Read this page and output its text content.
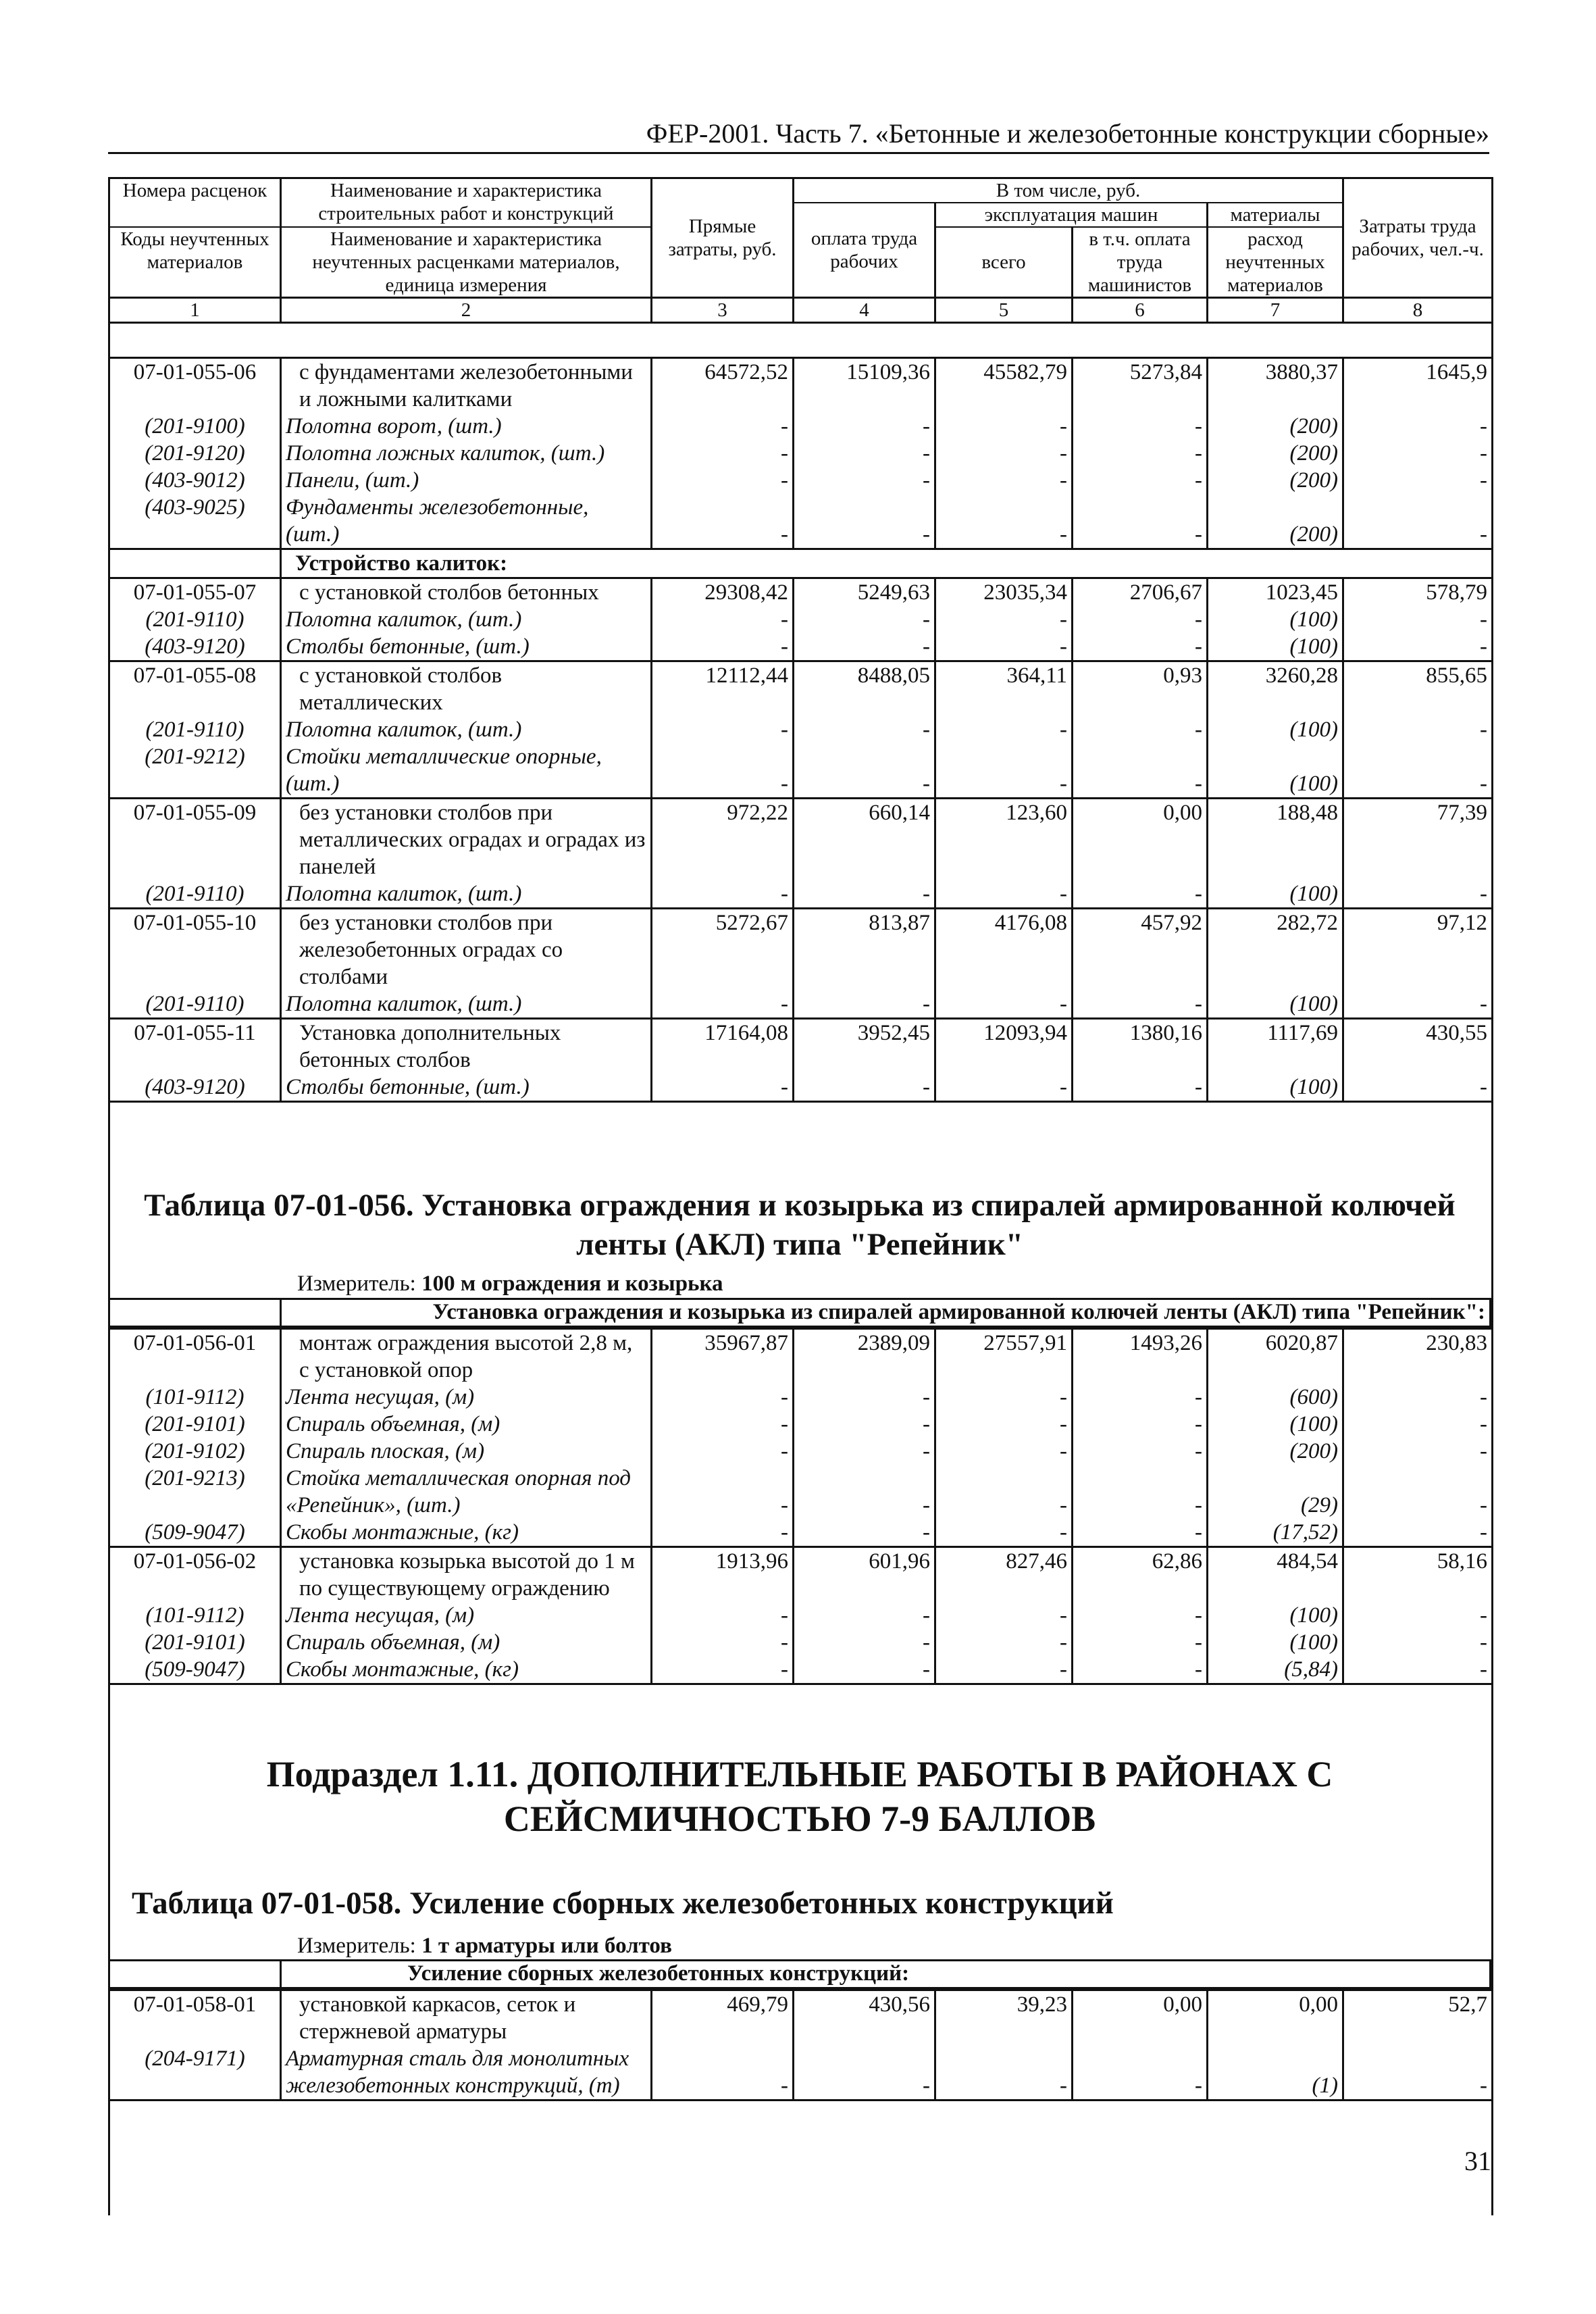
ФЕР-2001. Часть 7. «Бетонные и железобетонные конструкции сборные»
Номера расценок	Наименование и характеристика строительных работ и конструкций	Прямые затраты, руб.	В том числе, руб.				Затраты труда рабочих, чел.-ч.
			оплата труда рабочих	эксплуатация машин		материалы	
Коды неучтенных материалов	Наименование и характеристика неучтенных расценками материалов, единица измерения			всего	в т.ч. оплата труда машинистов	расход неучтенных материалов	

1	2	3	4	5	6	7	8
07-01-055-06	с фундаментами железобетонными и ложными калитками	64572,52	15109,36	45582,79	5273,84	3880,37	1645,9
(201-9100)	Полотна ворот, (шт.)	-	-	-	-	(200)	-
(201-9120)	Полотна ложных калиток, (шт.)	-	-	-	-	(200)	-
(403-9012)	Панели, (шт.)	-	-	-	-	(200)	-
(403-9025)	Фундаменты железобетонные, (шт.)	-	-	-	-	(200)	-
	Устройство калиток:						
07-01-055-07	с установкой столбов бетонных	29308,42	5249,63	23035,34	2706,67	1023,45	578,79
(201-9110)	Полотна калиток, (шт.)	-	-	-	-	(100)	-
(403-9120)	Столбы бетонные, (шт.)	-	-	-	-	(100)	-
07-01-055-08	с установкой столбов металлических	12112,44	8488,05	364,11	0,93	3260,28	855,65
(201-9110)	Полотна калиток, (шт.)	-	-	-	-	(100)	-
(201-9212)	Стойки металлические опорные, (шт.)	-	-	-	-	(100)	-
07-01-055-09	без установки столбов при металлических оградах и оградах из панелей	972,22	660,14	123,60	0,00	188,48	77,39
(201-9110)	Полотна калиток, (шт.)	-	-	-	-	(100)	-
07-01-055-10	без установки столбов при железобетонных оградах со столбами	5272,67	813,87	4176,08	457,92	282,72	97,12
(201-9110)	Полотна калиток, (шт.)	-	-	-	-	(100)	-
07-01-055-11	Установка дополнительных бетонных столбов	17164,08	3952,45	12093,94	1380,16	1117,69	430,55
(403-9120)	Столбы бетонные, (шт.)	-	-	-	-	(100)	-
Таблица 07-01-056. Установка ограждения и козырька из спиралей армированной колючей ленты (АКЛ) типа "Репейник"
Измеритель: 100 м ограждения и козырька
	Установка ограждения и козырька из спиралей армированной колючей ленты (АКЛ) типа "Репейник":
07-01-056-01	монтаж ограждения высотой 2,8 м, с установкой опор	35967,87	2389,09	27557,91	1493,26	6020,87	230,83
(101-9112)	Лента несущая, (м)	-	-	-	-	(600)	-
(201-9101)	Спираль объемная, (м)	-	-	-	-	(100)	-
(201-9102)	Спираль плоская, (м)	-	-	-	-	(200)	-
(201-9213)	Стойка металлическая опорная под «Репейник», (шт.)	-	-	-	-	(29)	-
(509-9047)	Скобы монтажные, (кг)	-	-	-	-	(17,52)	-
07-01-056-02	установка козырька высотой до 1 м по существующему ограждению	1913,96	601,96	827,46	62,86	484,54	58,16
(101-9112)	Лента несущая, (м)	-	-	-	-	(100)	-
(201-9101)	Спираль объемная, (м)	-	-	-	-	(100)	-
(509-9047)	Скобы монтажные, (кг)	-	-	-	-	(5,84)	-
Подраздел 1.11. ДОПОЛНИТЕЛЬНЫЕ РАБОТЫ В РАЙОНАХ С СЕЙСМИЧНОСТЬЮ 7-9 БАЛЛОВ
Таблица 07-01-058. Усиление сборных железобетонных конструкций
Измеритель: 1 т арматуры или болтов
	Усиление сборных железобетонных конструкций:
07-01-058-01	установкой каркасов, сеток и стержневой арматуры	469,79	430,56	39,23	0,00	0,00	52,7
(204-9171)	Арматурная сталь для монолитных железобетонных конструкций, (т)	-	-	-	-	(1)	-
31
